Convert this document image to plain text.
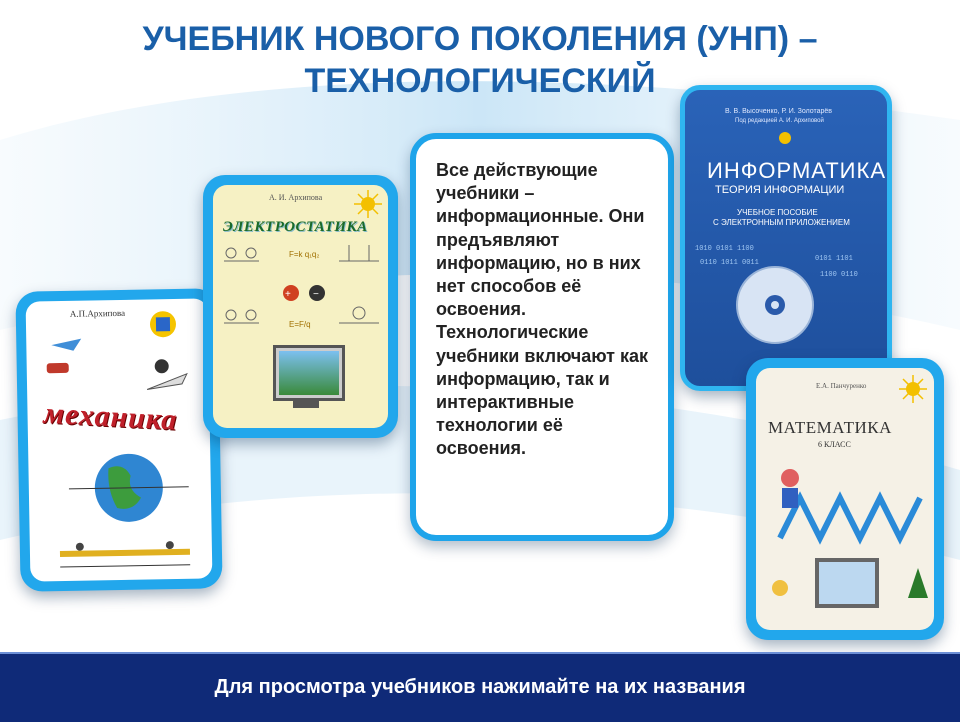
УЧЕБНИК НОВОГО ПОКОЛЕНИЯ (УНП) –
ТЕХНОЛОГИЧЕСКИЙ
А.П.Архипова
механика
А. И. Архипова
ЭЛЕКТРОСТАТИКА
+ −
F=k q₁q₂
E=F/q

Все действующие учебники – информационные. Они предъявляют информацию, но в них нет способов её освоения. Технологические учебники включают как информацию, так и интерактивные технологии её освоения.

В. В. Высоченко, Р. И. Золотарёв
Под редакцией А. И. Архиповой
ИНФОРМАТИКА
ТЕОРИЯ ИНФОРМАЦИИ
УЧЕБНОЕ ПОСОБИЕ
С ЭЛЕКТРОННЫМ ПРИЛОЖЕНИЕМ
1010 0101 1100
0110 1011 0011	0101 1101
1100 0110
Е.А. Панчуренко
МАТЕМАТИКА
6 КЛАСС
Для просмотра учебников нажимайте на их названия
